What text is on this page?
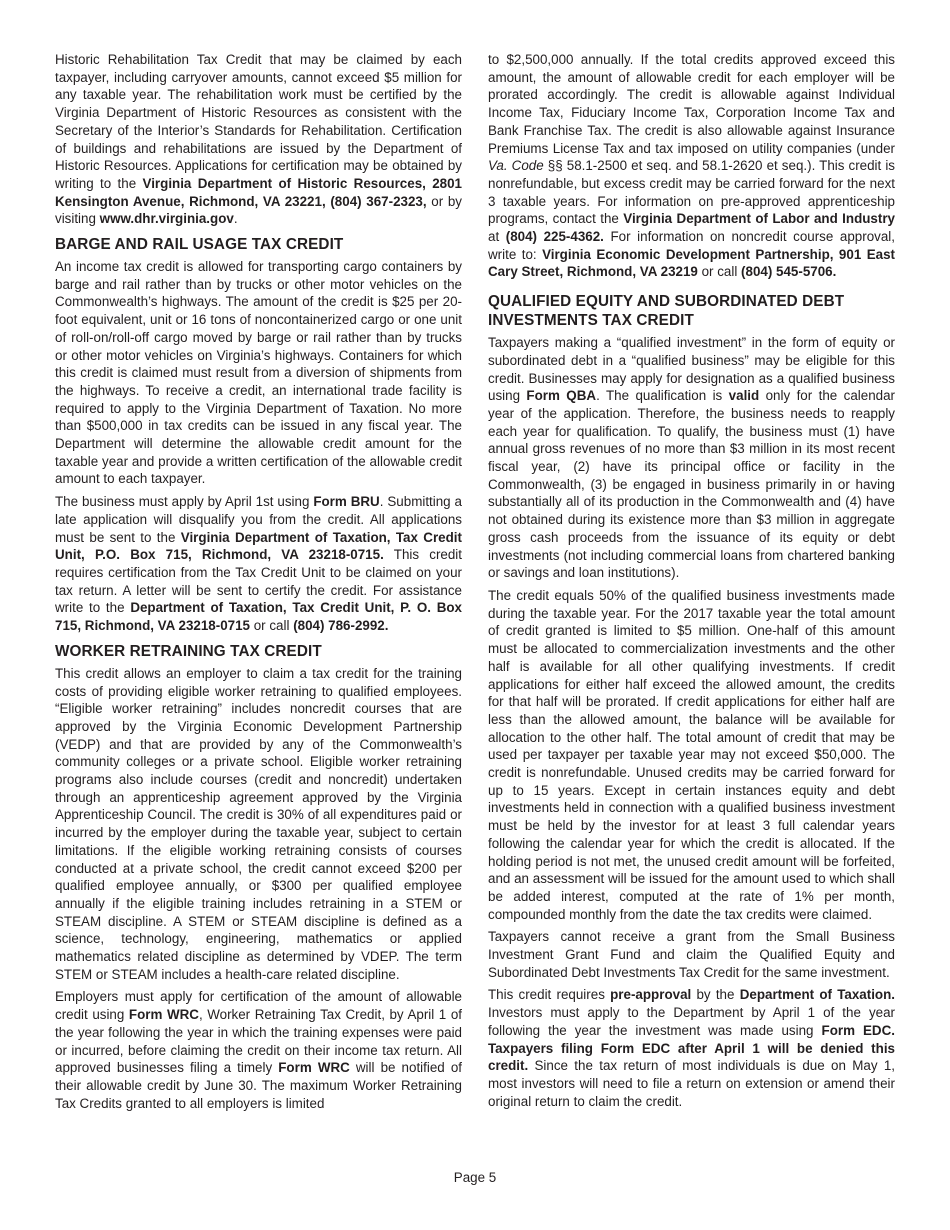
Historic Rehabilitation Tax Credit that may be claimed by each taxpayer, including carryover amounts, cannot exceed $5 million for any taxable year. The rehabilitation work must be certified by the Virginia Department of Historic Resources as consistent with the Secretary of the Interior’s Standards for Rehabilitation. Certification of buildings and rehabilitations are issued by the Department of Historic Resources. Applications for certification may be obtained by writing to the Virginia Department of Historic Resources, 2801 Kensington Avenue, Richmond, VA 23221, (804) 367-2323, or by visiting www.dhr.virginia.gov.

BARGE AND RAIL USAGE TAX CREDIT

An income tax credit is allowed for transporting cargo containers by barge and rail rather than by trucks or other motor vehicles on the Commonwealth’s highways. The amount of the credit is $25 per 20-foot equivalent, unit or 16 tons of noncontainerized cargo or one unit of roll-on/roll-off cargo moved by barge or rail rather than by trucks or other motor vehicles on Virginia’s highways. Containers for which this credit is claimed must result from a diversion of shipments from the highways. To receive a credit, an international trade facility is required to apply to the Virginia Department of Taxation. No more than $500,000 in tax credits can be issued in any fiscal year. The Department will determine the allowable credit amount for the taxable year and provide a written certification of the allowable credit amount to each taxpayer.

The business must apply by April 1st using Form BRU. Submitting a late application will disqualify you from the credit. All applications must be sent to the Virginia Department of Taxation, Tax Credit Unit, P.O. Box 715, Richmond, VA 23218-0715. This credit requires certification from the Tax Credit Unit to be claimed on your tax return. A letter will be sent to certify the credit. For assistance write to the Department of Taxation, Tax Credit Unit, P. O. Box 715, Richmond, VA 23218-0715 or call (804) 786-2992.

WORKER RETRAINING TAX CREDIT

This credit allows an employer to claim a tax credit for the training costs of providing eligible worker retraining to qualified employees. “Eligible worker retraining” includes noncredit courses that are approved by the Virginia Economic Development Partnership (VEDP) and that are provided by any of the Commonwealth’s community colleges or a private school. Eligible worker retraining programs also include courses (credit and noncredit) undertaken through an apprenticeship agreement approved by the Virginia Apprenticeship Council. The credit is 30% of all expenditures paid or incurred by the employer during the taxable year, subject to certain limitations. If the eligible working retraining consists of courses conducted at a private school, the credit cannot exceed $200 per qualified employee annually, or $300 per qualified employee annually if the eligible training includes retraining in a STEM or STEAM discipline. A STEM or STEAM discipline is defined as a science, technology, engineering, mathematics or applied mathematics related discipline as determined by VDEP. The term STEM or STEAM includes a health-care related discipline.

Employers must apply for certification of the amount of allowable credit using Form WRC, Worker Retraining Tax Credit, by April 1 of the year following the year in which the training expenses were paid or incurred, before claiming the credit on their income tax return. All approved businesses filing a timely Form WRC will be notified of their allowable credit by June 30. The maximum Worker Retraining Tax Credits granted to all employers is limited

to $2,500,000 annually. If the total credits approved exceed this amount, the amount of allowable credit for each employer will be prorated accordingly. The credit is allowable against Individual Income Tax, Fiduciary Income Tax, Corporation Income Tax and Bank Franchise Tax. The credit is also allowable against Insurance Premiums License Tax and tax imposed on utility companies (under Va. Code §§ 58.1-2500 et seq. and 58.1-2620 et seq.). This credit is nonrefundable, but excess credit may be carried forward for the next 3 taxable years. For information on pre-approved apprenticeship programs, contact the Virginia Department of Labor and Industry at (804) 225-4362. For information on noncredit course approval, write to: Virginia Economic Development Partnership, 901 East Cary Street, Richmond, VA 23219 or call (804) 545-5706.

QUALIFIED EQUITY AND SUBORDINATED DEBT INVESTMENTS TAX CREDIT

Taxpayers making a “qualified investment” in the form of equity or subordinated debt in a “qualified business” may be eligible for this credit. Businesses may apply for designation as a qualified business using Form QBA. The qualification is valid only for the calendar year of the application. Therefore, the business needs to reapply each year for qualification. To qualify, the business must (1) have annual gross revenues of no more than $3 million in its most recent fiscal year, (2) have its principal office or facility in the Commonwealth, (3) be engaged in business primarily in or having substantially all of its production in the Commonwealth and (4) have not obtained during its existence more than $3 million in aggregate gross cash proceeds from the issuance of its equity or debt investments (not including commercial loans from chartered banking or savings and loan institutions).

The credit equals 50% of the qualified business investments made during the taxable year. For the 2017 taxable year the total amount of credit granted is limited to $5 million. One-half of this amount must be allocated to commercialization investments and the other half is available for all other qualifying investments. If credit applications for either half exceed the allowed amount, the credits for that half will be prorated. If credit applications for either half are less than the allowed amount, the balance will be available for allocation to the other half. The total amount of credit that may be used per taxpayer per taxable year may not exceed $50,000. The credit is nonrefundable. Unused credits may be carried forward for up to 15 years. Except in certain instances equity and debt investments held in connection with a qualified business investment must be held by the investor for at least 3 full calendar years following the calendar year for which the credit is allocated. If the holding period is not met, the unused credit amount will be forfeited, and an assessment will be issued for the amount used to which shall be added interest, computed at the rate of 1% per month, compounded monthly from the date the tax credits were claimed.

Taxpayers cannot receive a grant from the Small Business Investment Grant Fund and claim the Qualified Equity and Subordinated Debt Investments Tax Credit for the same investment.

This credit requires pre-approval by the Department of Taxation. Investors must apply to the Department by April 1 of the year following the year the investment was made using Form EDC. Taxpayers filing Form EDC after April 1 will be denied this credit. Since the tax return of most individuals is due on May 1, most investors will need to file a return on extension or amend their original return to claim the credit.

Page 5
